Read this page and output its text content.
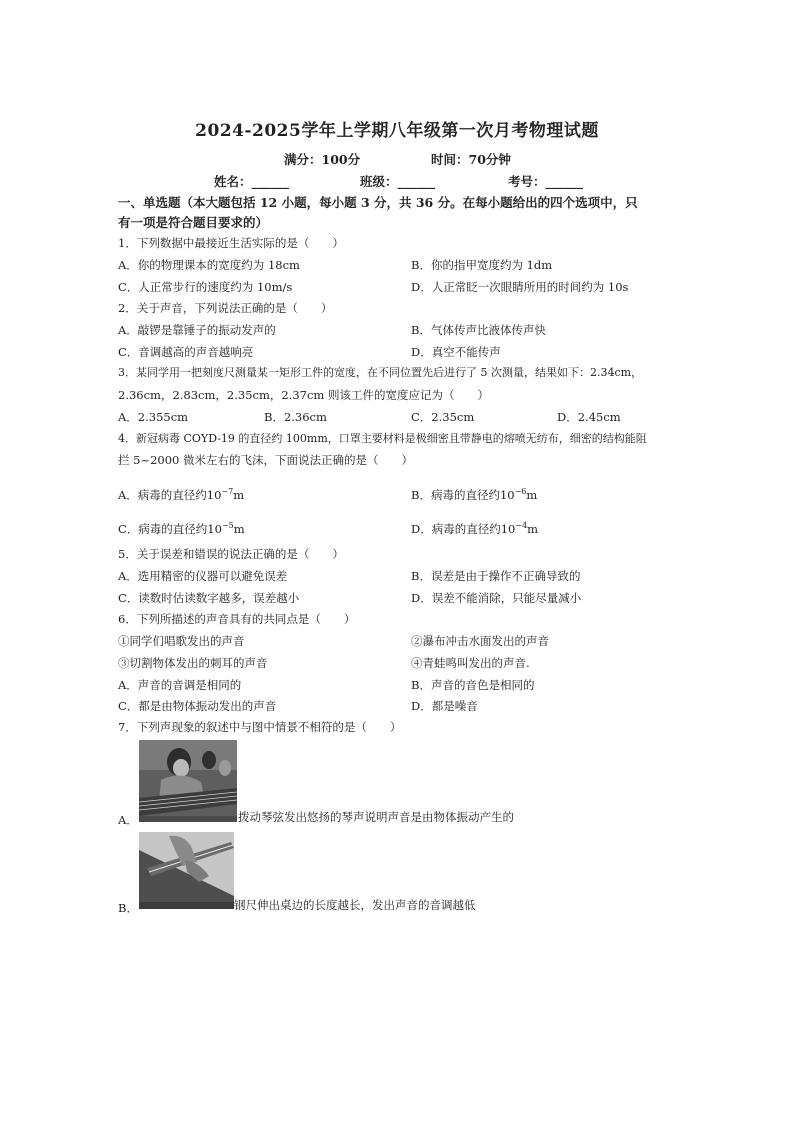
2024-2025学年上学期八年级第一次月考物理试题
满分：100分	时间：70分钟
姓名：______	班级：______	考号：______
一、单选题（本大题包括 12 小题，每小题 3 分，共 36 分。在每小题给出的四个选项中，只
有一项是符合题目要求的）
1．下列数据中最接近生活实际的是（　　）
A．你的物理课本的宽度约为 18cm	B．你的指甲宽度约为 1dm
C．人正常步行的速度约为 10m/s	D．人正常眨一次眼睛所用的时间约为 10s
2．关于声音，下列说法正确的是（　　）
A．敲锣是靠锤子的振动发声的	B．气体传声比液体传声快
C．音调越高的声音越响亮	D．真空不能传声
3．某同学用一把刻度尺测量某一矩形工件的宽度，在不同位置先后进行了 5 次测量，结果如下：2.34cm，
2.36cm，2.83cm，2.35cm，2.37cm 则该工件的宽度应记为（　　）
A．2.355cm	B．2.36cm	C．2.35cm	D．2.45cm
4．新冠病毒 COYD-19 的直径约 100mm，口罩主要材料是极细密且带静电的熔喷无纺布，细密的结构能阻
拦 5~2000 微米左右的飞沫，下面说法正确的是（　　）
A．病毒的直径约$10^{-7}m$	B．病毒的直径约$10^{-6}m$
C．病毒的直径约$10^{-5}m$	D．病毒的直径约$10^{-4}m$
5．关于误差和错误的说法正确的是（　　）
A．选用精密的仪器可以避免误差	B．误差是由于操作不正确导致的
C．读数时估读数字越多，误差越小	D．误差不能消除，只能尽量减小
6．下列所描述的声音具有的共同点是（　　）
①同学们唱歌发出的声音	②瀑布冲击水面发出的声音
③切割物体发出的刺耳的声音	④青蛙鸣叫发出的声音.
A．声音的音调是相同的	B．声音的音色是相同的
C．都是由物体振动发出的声音	D．都是噪音
7．下列声现象的叙述中与图中情景不相符的是（　　）
A．	拨动琴弦发出悠扬的琴声说明声音是由物体振动产生的
B．	钢尺伸出桌边的长度越长，发出声音的音调越低
